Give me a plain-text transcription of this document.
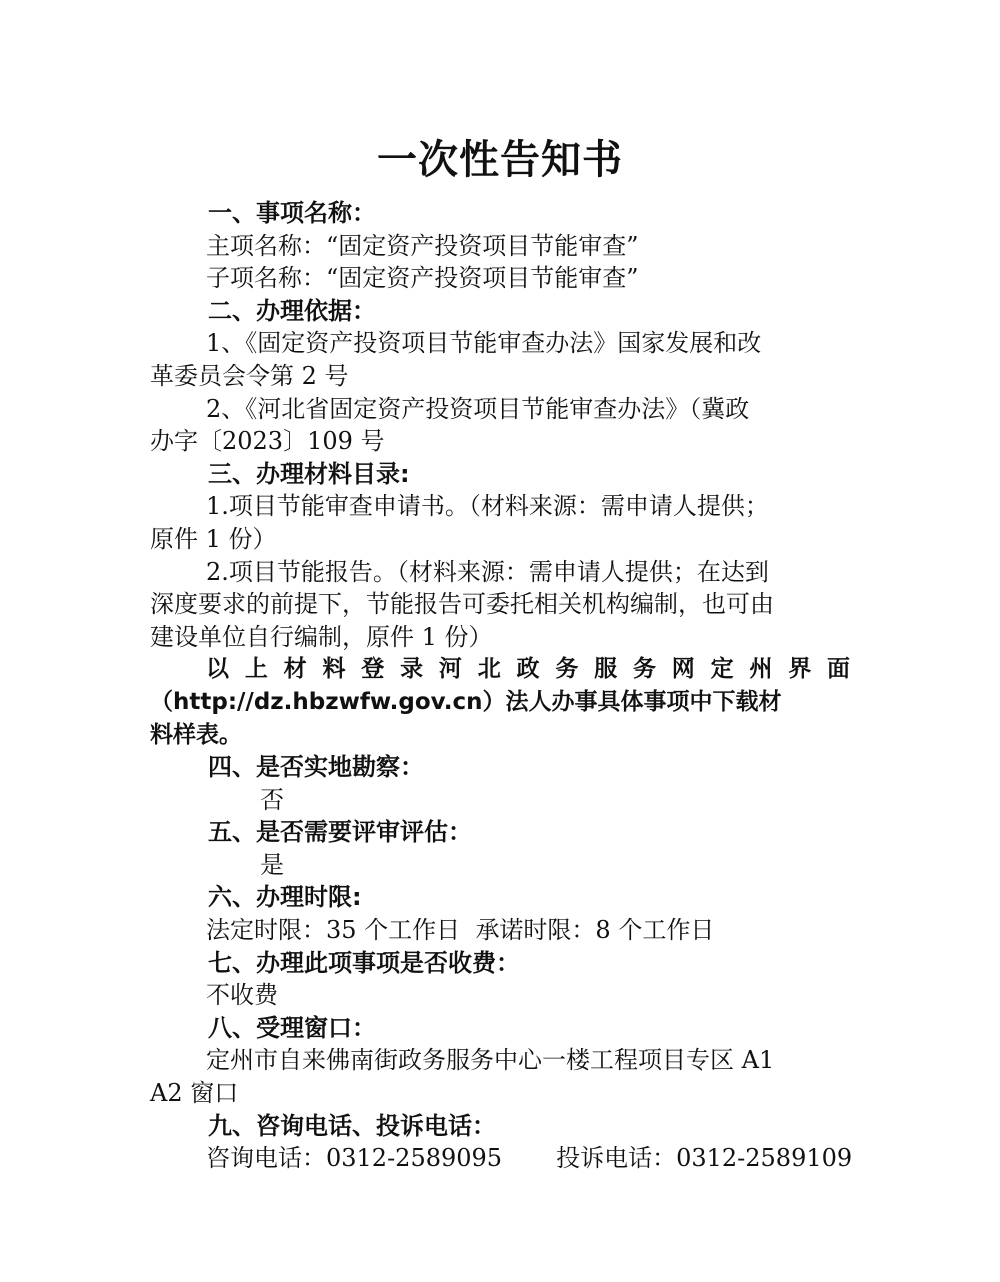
一次性告知书
一、事项名称：
主项名称：“固定资产投资项目节能审查”
子项名称：“固定资产投资项目节能审查”
二、办理依据：
1、《固定资产投资项目节能审查办法》国家发展和改
革委员会令第 2 号
2、《河北省固定资产投资项目节能审查办法》（冀政
办字〔2023〕109 号
三、办理材料目录:
1.项目节能审查申请书。（材料来源：需申请人提供；
原件 1 份）
2.项目节能报告。（材料来源：需申请人提供；在达到
深度要求的前提下，节能报告可委托相关机构编制，也可由
建设单位自行编制，原件 1 份）
以上材料登录河北政务服务网定州界面
（http://dz.hbzwfw.gov.cn）法人办事具体事项中下载材
料样表。
四、是否实地勘察：
否
五、是否需要评审评估：
是
六、办理时限:
法定时限：35 个工作日 承诺时限：8 个工作日
七、办理此项事项是否收费：
不收费
八、受理窗口：
定州市自来佛南街政务服务中心一楼工程项目专区 A1
A2 窗口
九、咨询电话、投诉电话：
咨询电话：0312-2589095 投诉电话：0312-2589109
